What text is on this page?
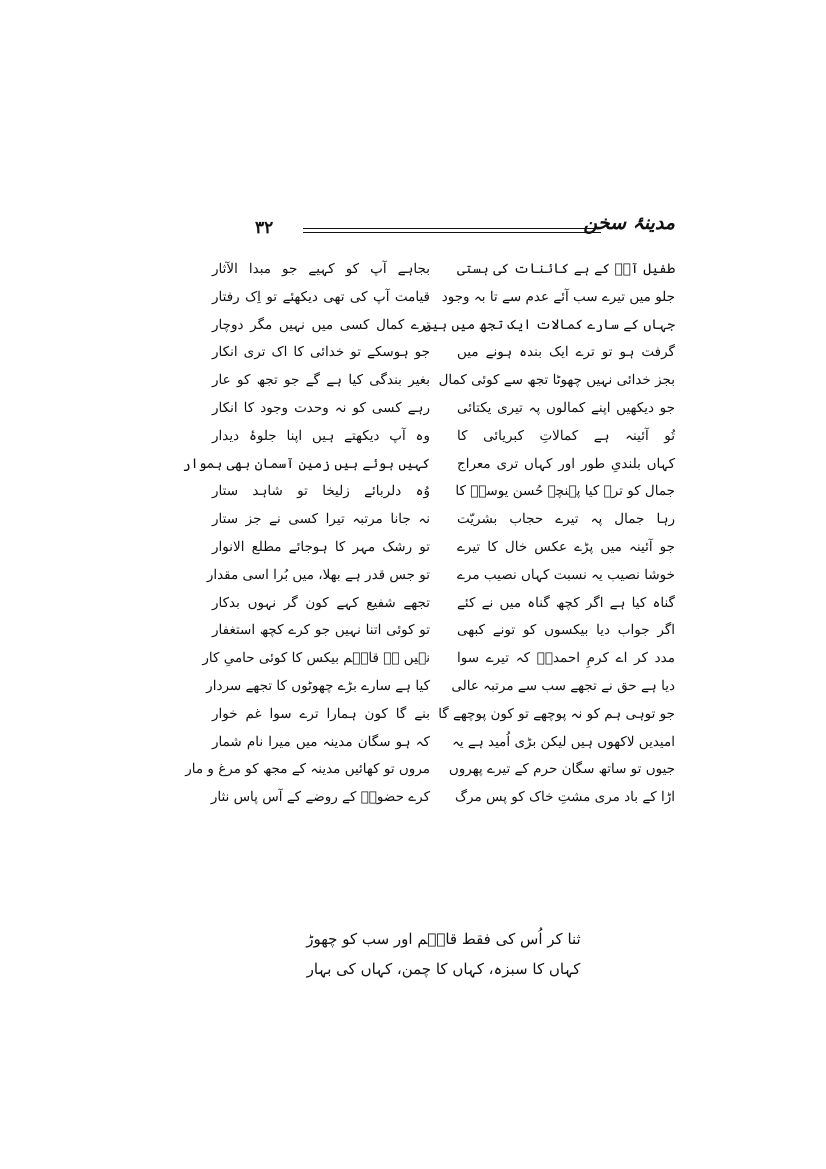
۳۲	مدینۂ سخن
طفیل آپؐ کے ہے کائنات کی ہستی
جلو میں تیرے سب آئے عدم سے تا بہ وجود
جہاں کے سارے کمالات ایک تجھ میں ہیں
گرفت ہو تو ترے ایک بندہ ہونے میں
بجز خدائی نہیں چھوٹا تجھ سے کوئی کمال
جو دیکھیں اپنے کمالوں پہ تیری یکتائی
تُو آئینہ ہے کمالاتِ کبریائی کا
کہاں بلندیِ طور اور کہاں تری معراج
جمال کو ترے کیا پہنچے حُسن یوسفؑ کا
رہا جمال پہ تیرے حجاب بشریّت
جو آئینہ میں پڑے عکس خال کا تیرے
خوشا نصیب یہ نسبت کہاں نصیب مرے
گناہ کیا ہے اگر کچھ گناہ میں نے کئے
اگر جواب دیا بیکسوں کو تونے کبھی
مدد کر اے کرمِ احمدیؐ کہ تیرے سوا
دیا ہے حق نے تجھے سب سے مرتبہ عالی
جو توہی ہم کو نہ پوچھے تو کون پوچھے گا
امیدیں لاکھوں ہیں لیکن بڑی اُمید ہے یہ
جیوں تو ساتھ سگان حرم کے تیرے پھروں
اڑا کے باد مری مشتِ خاک کو پس مرگ
بجاہے آپ کو کہیے جو مبدا الآثار
قیامت آپ کی تھی دیکھئے تو اِک رفتار
ترے کمال کسی میں نہیں مگر دوچار
جو ہوسکے تو خدائی کا اک تری انکار
بغیر بندگی کیا ہے گے جو تجھ کو عار
رہے کسی کو نہ وحدت وجود کا انکار
وہ آپ دیکھتے ہیں اپنا جلوۂ دیدار
کہیں ہوئے ہیں زمین آسمان بھی ہموار
وُہ دلربائے زلیخا تو شاہد ستار
نہ جانا مرتبہ تیرا کسی نے جز ستار
تو رشک مہر کا ہوجائے مطلع الانوار
تو جس قدر ہے بھلا، میں بُرا اسی مقدار
تجھے شفیع کہے کون گر نہوں بدکار
تو کوئی اتنا نہیں جو کرے کچھ استغفار
نہیں ہے قاسؔم بیکس کا کوئی حامیِ کار
کیا ہے سارے بڑے چھوٹوں کا تجھے سردار
بنے گا کون ہمارا ترے سوا غم خوار
کہ ہو سگان مدینہ میں میرا نام شمار
مروں تو کھائیں مدینہ کے مجھ کو مرغ و مار
کرے حضورؐ کے روضے کے آس پاس نثار
ثنا کر اُس کی فقط قاسؔم اور سب کو چھوڑ
کہاں کا سبزہ، کہاں کا چمن، کہاں کی بہار
